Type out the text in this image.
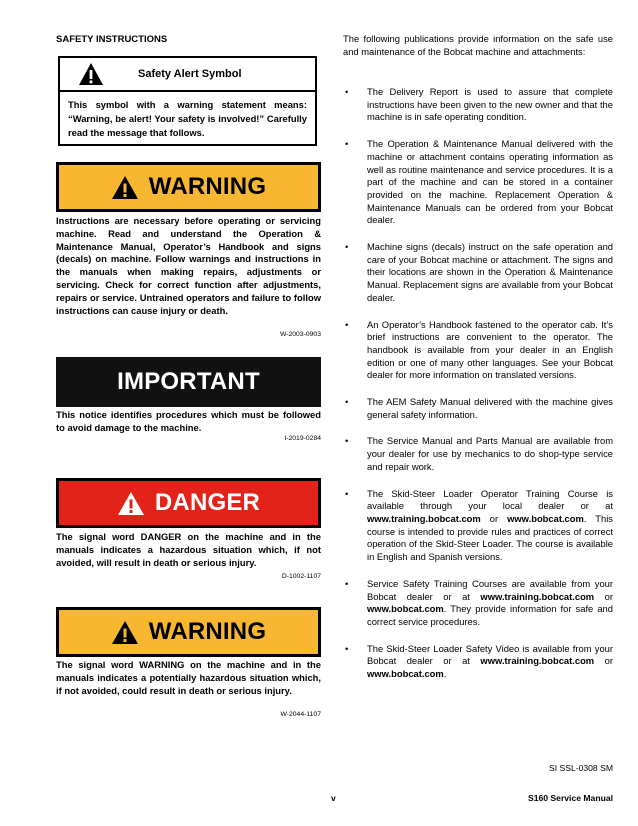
SAFETY INSTRUCTIONS
Safety Alert Symbol
This symbol with a warning statement means: “Warning, be alert! Your safety is involved!” Carefully read the message that follows.
WARNING
Instructions are necessary before operating or servicing machine. Read and understand the Operation & Maintenance Manual, Operator’s Handbook and signs (decals) on machine. Follow warnings and instructions in the manuals when making repairs, adjustments or servicing. Check for correct function after adjustments, repairs or service. Untrained operators and failure to follow instructions can cause injury or death.
W-2003-0903
IMPORTANT
This notice identifies procedures which must be followed to avoid damage to the machine.
I-2019-0284
DANGER
The signal word DANGER on the machine and in the manuals indicates a hazardous situation which, if not avoided, will result in death or serious injury.
D-1002-1107
WARNING
The signal word WARNING on the machine and in the manuals indicates a potentially hazardous situation which, if not avoided, could result in death or serious injury.
W-2044-1107
The following publications provide information on the safe use and maintenance of the Bobcat machine and attachments:
• The Delivery Report is used to assure that complete instructions have been given to the new owner and that the machine is in safe operating condition.
• The Operation & Maintenance Manual delivered with the machine or attachment contains operating information as well as routine maintenance and service procedures. It is a part of the machine and can be stored in a container provided on the machine. Replacement Operation & Maintenance Manuals can be ordered from your Bobcat dealer.
• Machine signs (decals) instruct on the safe operation and care of your Bobcat machine or attachment. The signs and their locations are shown in the Operation & Maintenance Manual. Replacement signs are available from your Bobcat dealer.
• An Operator’s Handbook fastened to the operator cab. It’s brief instructions are convenient to the operator. The handbook is available from your dealer in an English edition or one of many other languages. See your Bobcat dealer for more information on translated versions.
• The AEM Safety Manual delivered with the machine gives general safety information.
• The Service Manual and Parts Manual are available from your dealer for use by mechanics to do shop-type service and repair work.
• The Skid-Steer Loader Operator Training Course is available through your local dealer or at www.training.bobcat.com or www.bobcat.com. This course is intended to provide rules and practices of correct operation of the Skid-Steer Loader. The course is available in English and Spanish versions.
• Service Safety Training Courses are available from your Bobcat dealer or at www.training.bobcat.com or www.bobcat.com. They provide information for safe and correct service procedures.
• The Skid-Steer Loader Safety Video is available from your Bobcat dealer or at www.training.bobcat.com or www.bobcat.com.
SI SSL-0308 SM
v	S160 Service Manual
